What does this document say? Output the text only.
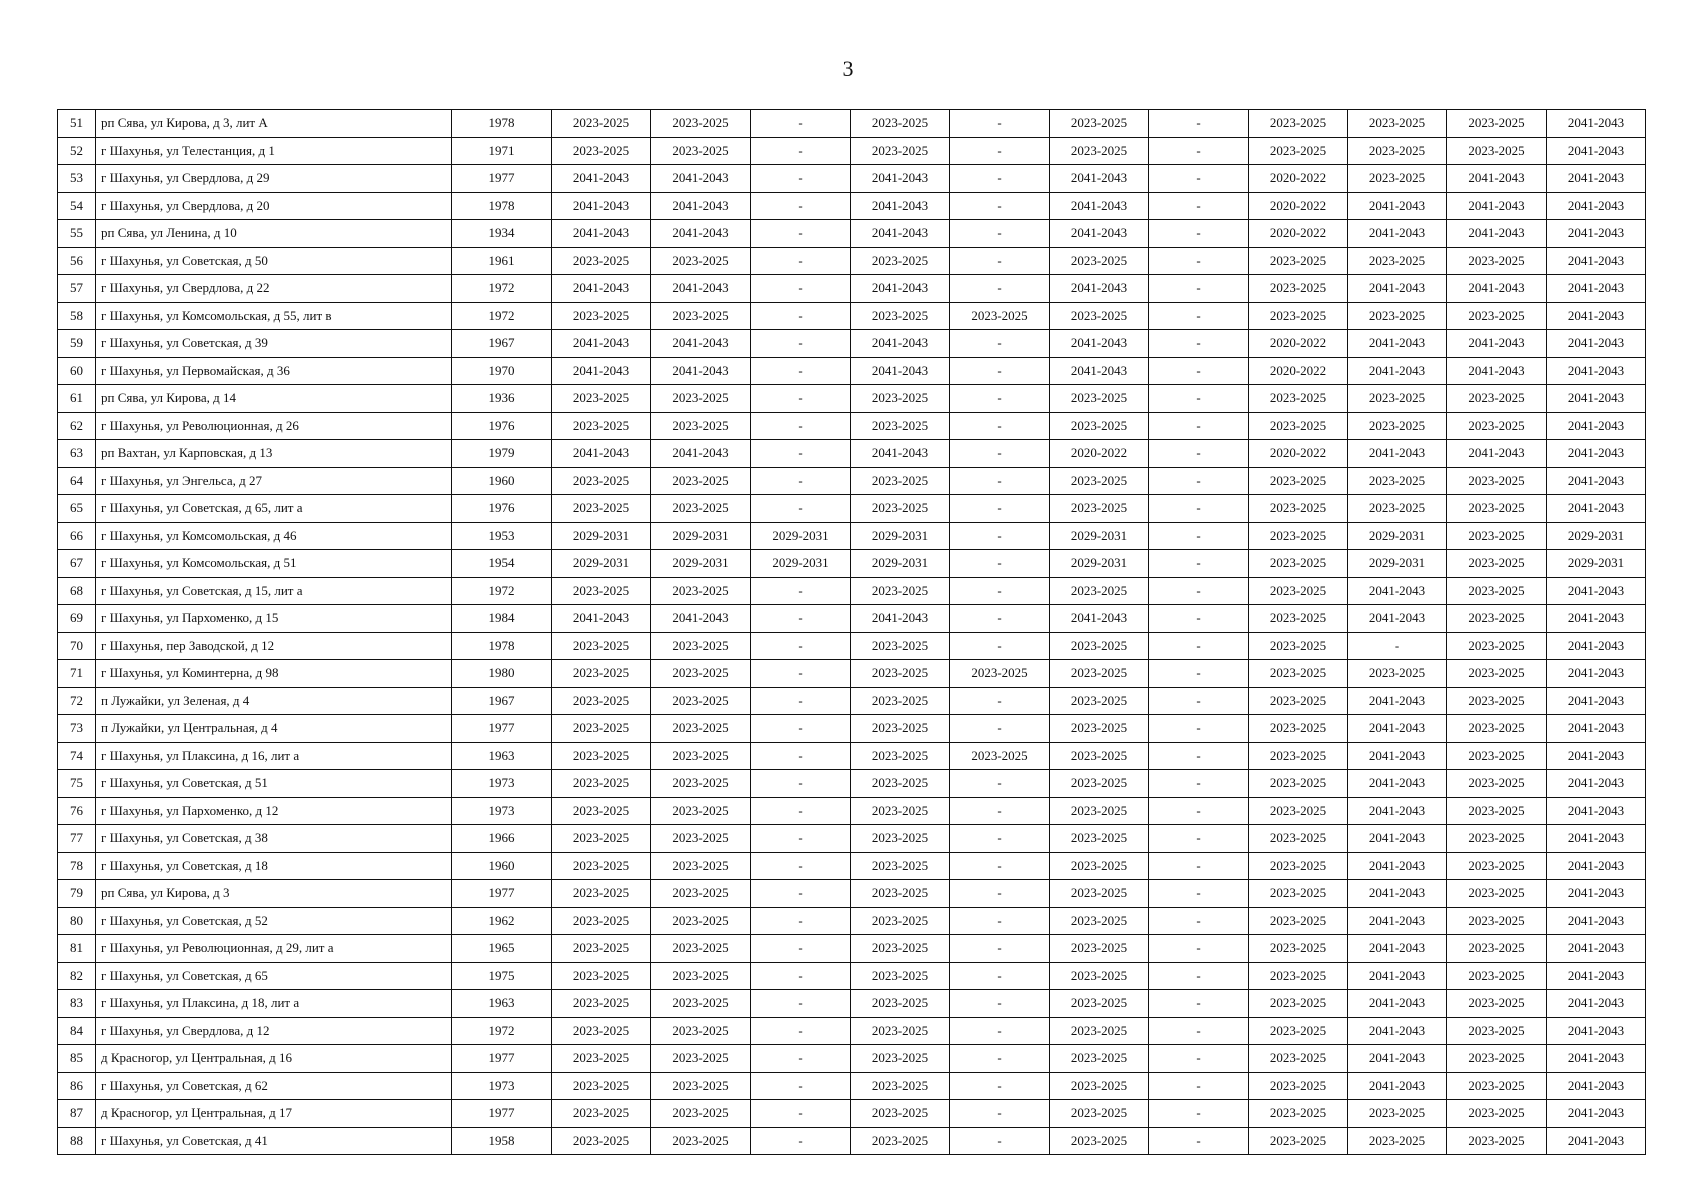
3
51	рп Сява, ул Кирова, д 3, лит А	1978	2023-2025	2023-2025	-	2023-2025	-	2023-2025	-	2023-2025	2023-2025	2023-2025	2041-2043
52	г Шахунья, ул Телестанция, д 1	1971	2023-2025	2023-2025	-	2023-2025	-	2023-2025	-	2023-2025	2023-2025	2023-2025	2041-2043
53	г Шахунья, ул Свердлова, д 29	1977	2041-2043	2041-2043	-	2041-2043	-	2041-2043	-	2020-2022	2023-2025	2041-2043	2041-2043
54	г Шахунья, ул Свердлова, д 20	1978	2041-2043	2041-2043	-	2041-2043	-	2041-2043	-	2020-2022	2041-2043	2041-2043	2041-2043
55	рп Сява, ул Ленина, д 10	1934	2041-2043	2041-2043	-	2041-2043	-	2041-2043	-	2020-2022	2041-2043	2041-2043	2041-2043
56	г Шахунья, ул Советская, д 50	1961	2023-2025	2023-2025	-	2023-2025	-	2023-2025	-	2023-2025	2023-2025	2023-2025	2041-2043
57	г Шахунья, ул Свердлова, д 22	1972	2041-2043	2041-2043	-	2041-2043	-	2041-2043	-	2023-2025	2041-2043	2041-2043	2041-2043
58	г Шахунья, ул Комсомольская, д 55, лит в	1972	2023-2025	2023-2025	-	2023-2025	2023-2025	2023-2025	-	2023-2025	2023-2025	2023-2025	2041-2043
59	г Шахунья, ул Советская, д 39	1967	2041-2043	2041-2043	-	2041-2043	-	2041-2043	-	2020-2022	2041-2043	2041-2043	2041-2043
60	г Шахунья, ул Первомайская, д 36	1970	2041-2043	2041-2043	-	2041-2043	-	2041-2043	-	2020-2022	2041-2043	2041-2043	2041-2043
61	рп Сява, ул Кирова, д 14	1936	2023-2025	2023-2025	-	2023-2025	-	2023-2025	-	2023-2025	2023-2025	2023-2025	2041-2043
62	г Шахунья, ул Революционная, д 26	1976	2023-2025	2023-2025	-	2023-2025	-	2023-2025	-	2023-2025	2023-2025	2023-2025	2041-2043
63	рп Вахтан, ул Карповская, д 13	1979	2041-2043	2041-2043	-	2041-2043	-	2020-2022	-	2020-2022	2041-2043	2041-2043	2041-2043
64	г Шахунья, ул Энгельса, д 27	1960	2023-2025	2023-2025	-	2023-2025	-	2023-2025	-	2023-2025	2023-2025	2023-2025	2041-2043
65	г Шахунья, ул Советская, д 65, лит а	1976	2023-2025	2023-2025	-	2023-2025	-	2023-2025	-	2023-2025	2023-2025	2023-2025	2041-2043
66	г Шахунья, ул Комсомольская, д 46	1953	2029-2031	2029-2031	2029-2031	2029-2031	-	2029-2031	-	2023-2025	2029-2031	2023-2025	2029-2031
67	г Шахунья, ул Комсомольская, д 51	1954	2029-2031	2029-2031	2029-2031	2029-2031	-	2029-2031	-	2023-2025	2029-2031	2023-2025	2029-2031
68	г Шахунья, ул Советская, д 15, лит а	1972	2023-2025	2023-2025	-	2023-2025	-	2023-2025	-	2023-2025	2041-2043	2023-2025	2041-2043
69	г Шахунья, ул Пархоменко, д 15	1984	2041-2043	2041-2043	-	2041-2043	-	2041-2043	-	2023-2025	2041-2043	2023-2025	2041-2043
70	г Шахунья, пер Заводской, д 12	1978	2023-2025	2023-2025	-	2023-2025	-	2023-2025	-	2023-2025	-	2023-2025	2041-2043
71	г Шахунья, ул Коминтерна, д 98	1980	2023-2025	2023-2025	-	2023-2025	2023-2025	2023-2025	-	2023-2025	2023-2025	2023-2025	2041-2043
72	п Лужайки, ул Зеленая, д 4	1967	2023-2025	2023-2025	-	2023-2025	-	2023-2025	-	2023-2025	2041-2043	2023-2025	2041-2043
73	п Лужайки, ул Центральная, д 4	1977	2023-2025	2023-2025	-	2023-2025	-	2023-2025	-	2023-2025	2041-2043	2023-2025	2041-2043
74	г Шахунья, ул Плаксина, д 16, лит а	1963	2023-2025	2023-2025	-	2023-2025	2023-2025	2023-2025	-	2023-2025	2041-2043	2023-2025	2041-2043
75	г Шахунья, ул Советская, д 51	1973	2023-2025	2023-2025	-	2023-2025	-	2023-2025	-	2023-2025	2041-2043	2023-2025	2041-2043
76	г Шахунья, ул Пархоменко, д 12	1973	2023-2025	2023-2025	-	2023-2025	-	2023-2025	-	2023-2025	2041-2043	2023-2025	2041-2043
77	г Шахунья, ул Советская, д 38	1966	2023-2025	2023-2025	-	2023-2025	-	2023-2025	-	2023-2025	2041-2043	2023-2025	2041-2043
78	г Шахунья, ул Советская, д 18	1960	2023-2025	2023-2025	-	2023-2025	-	2023-2025	-	2023-2025	2041-2043	2023-2025	2041-2043
79	рп Сява, ул Кирова, д 3	1977	2023-2025	2023-2025	-	2023-2025	-	2023-2025	-	2023-2025	2041-2043	2023-2025	2041-2043
80	г Шахунья, ул Советская, д 52	1962	2023-2025	2023-2025	-	2023-2025	-	2023-2025	-	2023-2025	2041-2043	2023-2025	2041-2043
81	г Шахунья, ул Революционная, д 29, лит а	1965	2023-2025	2023-2025	-	2023-2025	-	2023-2025	-	2023-2025	2041-2043	2023-2025	2041-2043
82	г Шахунья, ул Советская, д 65	1975	2023-2025	2023-2025	-	2023-2025	-	2023-2025	-	2023-2025	2041-2043	2023-2025	2041-2043
83	г Шахунья, ул Плаксина, д 18, лит а	1963	2023-2025	2023-2025	-	2023-2025	-	2023-2025	-	2023-2025	2041-2043	2023-2025	2041-2043
84	г Шахунья, ул Свердлова, д 12	1972	2023-2025	2023-2025	-	2023-2025	-	2023-2025	-	2023-2025	2041-2043	2023-2025	2041-2043
85	д Красногор, ул Центральная, д 16	1977	2023-2025	2023-2025	-	2023-2025	-	2023-2025	-	2023-2025	2041-2043	2023-2025	2041-2043
86	г Шахунья, ул Советская, д 62	1973	2023-2025	2023-2025	-	2023-2025	-	2023-2025	-	2023-2025	2041-2043	2023-2025	2041-2043
87	д Красногор, ул Центральная, д 17	1977	2023-2025	2023-2025	-	2023-2025	-	2023-2025	-	2023-2025	2023-2025	2023-2025	2041-2043
88	г Шахунья, ул Советская, д 41	1958	2023-2025	2023-2025	-	2023-2025	-	2023-2025	-	2023-2025	2023-2025	2023-2025	2041-2043
